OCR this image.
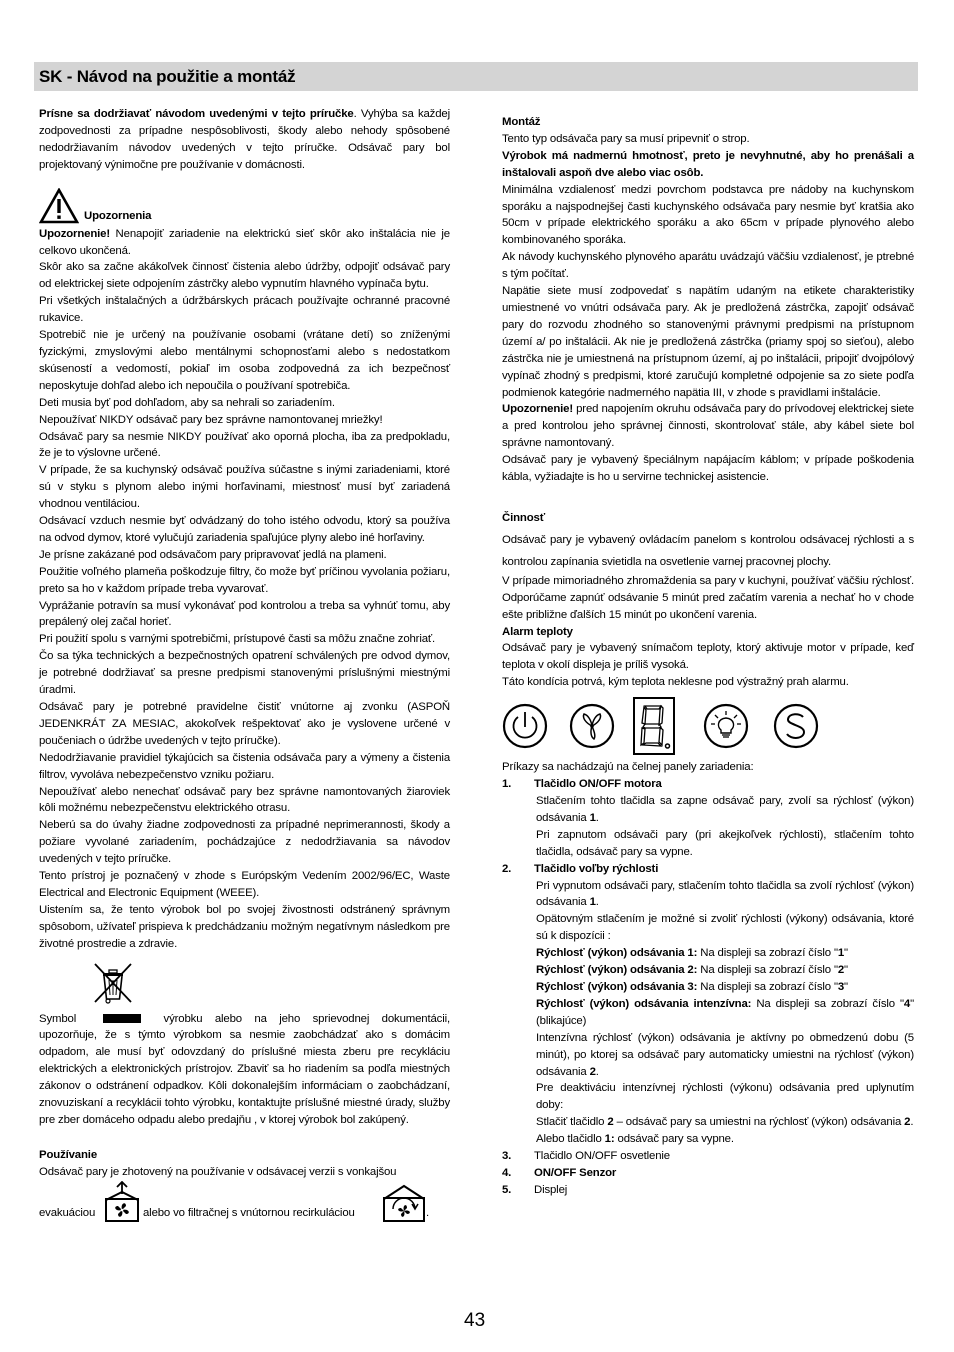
SK - Návod na použitie a montáž

Prísne sa dodržiavať návodom uvedenými v tejto príručke. Vyhýba sa každej zodpovednosti za prípadne nespôsoblivosti, škody alebo nehody spôsobené nedodržiavaním návodov uvedených v tejto príručke. Odsávač pary bol projektovaný výnimočne pre používanie v domácnosti.

Upozornenia

Upozornenie! Nenapojiť zariadenie na elektrickú sieť skôr ako inštalácia nie je celkovo ukončená.

Skôr ako sa začne akákoľvek činnosť čistenia alebo údržby, odpojiť odsávač pary od elektrickej siete odpojením zástrčky alebo vypnutím hlavného vypínača bytu.

Pri všetkých inštalačných a údržbárskych prácach používajte ochranné pracovné rukavice.

Spotrebič nie je určený na používanie osobami (vrátane detí) so zníženými fyzickými, zmyslovými alebo mentálnymi schopnosťami alebo s nedostatkom skúseností a vedomostí, pokiaľ im osoba zodpovedná za ich bezpečnosť neposkytuje dohľad alebo ich nepoučila o používaní spotrebiča.

Deti musia byť pod dohľadom, aby sa nehrali so zariadením.

Nepoužívať NIKDY odsávač pary bez správne namontovanej mriežky!

Odsávač pary sa nesmie NIKDY používať ako oporná plocha, iba za predpokladu, že je to výslovne určené.

V prípade, že sa kuchynský odsávač používa súčastne s inými zariadeniami, ktoré sú v styku s plynom alebo inými horľavinami, miestnosť musí byť zariadená vhodnou ventiláciou.

Odsávací vzduch nesmie byť odvádzaný do toho istého odvodu, ktorý sa používa na odvod dymov, ktoré vylučujú zariadenia spaľujúce plyny alebo iné horľaviny.

Je prísne zakázané pod odsávačom pary pripravovať jedlá na plameni.

Použitie voľného plameňa poškodzuje filtry, čo može byť príčinou vyvolania požiaru, preto sa ho v každom prípade treba vyvarovať.

Vyprážanie potravín sa musí vykonávať pod kontrolou a treba sa vyhnúť tomu, aby prepálený olej začal horieť.

Pri použití spolu s varnými spotrebičmi, prístupové časti sa môžu značne zohriať.

Čo sa týka technických a bezpečnostných opatrení schválených pre odvod dymov, je potrebné dodržiavať sa presne predpismi stanovenými príslušnými miestnými úradmi.

Odsávač pary je potrebné pravidelne čistiť vnútorne aj zvonku (ASPOŇ JEDENKRÁT ZA MESIAC, akokoľvek rešpektovať ako je vyslovene určené v poučeniach o údržbe uvedených v tejto príručke).

Nedodržiavanie pravidiel týkajúcich sa čistenia odsávača pary a výmeny a čistenia filtrov, vyvoláva nebezpečenstvo vzniku požiaru.

Nepoužívať alebo nenechať odsávač pary bez správne namontovaných žiaroviek kôli možnému nebezpečenstvu elektrického otrasu.

Neberú sa do úvahy žiadne zodpovednosti za prípadné neprimerannosti, škody a požiare vyvolané zariadením, pochádzajúce z nedodržiavania sa návodov uvedených v tejto príručke.

Tento prístroj je poznačený v zhode s Európským Vedením 2002/96/EC, Waste Electrical and Electronic Equipment (WEEE).

Uistením sa, že tento výrobok bol po svojej živostnosti odstránený správnym spôsobom, užívateľ prispieva k predchádzaniu možným negatívnym následkom pre životné prostredie a zdravie.

Symbol	výrobku alebo na jeho sprievodnej dokumentácii, upozorňuje, že s týmto výrobkom sa nesmie zaobchádzať ako s domácim odpadom, ale musí byť odovzdaný do príslušné miesta zberu pre recykláciu elektrických a elektronických prístrojov. Zbaviť sa ho riadením sa podľa miestných zákonov o odstránení odpadkov. Kôli dokonalejším informáciam o zaobchádzaní, znovuziskaní a recyklácii tohto výrobku, kontaktujte príslušné miestné úrady, služby pre zber domáceho odpadu alebo predajňu , v ktorej výrobok bol zakúpený.

Používanie

Odsávač pary je zhotovený na používanie v odsávacej verzii s vonkajšou

evakuáciou	alebo vo filtračnej s vnútornou recirkuláciou	.

Montáž

Tento typ odsávača pary sa musí pripevniť o strop.

Výrobok má nadmernú hmotnosť, preto je nevyhnutné, aby ho prenášali a inštalovali aspoň dve alebo viac osôb.

Minimálna vzdialenosť medzi povrchom podstavca pre nádoby na kuchynskom sporáku a najspodnejšej časti kuchynského odsávača pary nesmie byť kratšia ako 50cm v prípade elektrického sporáku a ako 65cm v prípade plynového alebo kombinovaného sporáka.

Ak návody kuchynského plynového aparátu uvádzajú väčšiu vzdialenosť, je ptrebné s tým počítať.

Napätie siete musí zodpovedať s napätím udaným na etikete charakteristiky umiestnené vo vnútri odsávača pary. Ak je predložená zástrčka, zapojiť odsávač pary do rozvodu zhodného so stanovenými právnymi predpismi na prístupnom území a/ po inštalácii. Ak nie je predložená zástrčka (priamy spoj so sieťou), alebo zástrčka nie je umiestnená na prístupnom území, aj po inštalácii, pripojiť dvojpólový vypínač zhodný s predpismi, ktoré zaručujú kompletné odpojenie sa zo siete podľa podmienok kategórie nadmerného napätia III, v zhode s pravidlami inštalácie.

Upozornenie! pred napojením okruhu odsávača pary do prívodovej elektrickej siete a pred kontrolou jeho správnej činnosti, skontrolovať stále, aby kábel siete bol správne namontovaný.

Odsávač pary je vybavený špeciálnym napájacím káblom; v prípade poškodenia kábla, vyžiadajte is ho u servirne technickej asistencie.

Činnosť

Odsávač pary je vybavený ovládacím panelom s kontrolou odsávacej rýchlosti a s kontrolou zapínania svietidla na osvetlenie varnej pracovnej plochy.

V prípade mimoriadného zhromaždenia sa pary v kuchyni, používať väčšiu rýchlosť. Odporúčame zapnúť odsávanie 5 minút pred začatím varenia a nechať ho v chode ešte približne ďalších 15 minút po ukončení varenia.

Alarm teploty

Odsávač pary je vybavený snímačom teploty, ktorý aktivuje motor v prípade, keď teplota v okolí displeja je príliš vysoká.

Táto kondícia potrvá, kým teplota neklesne pod výstražný prah alarmu.

Príkazy sa nachádzajú na čelnej panely zariadenia:

1.	Tlačidlo ON/OFF motora

Stlačením tohto tlačidla sa zapne odsávač pary, zvolí sa rýchlosť (výkon) odsávania 1.

Pri zapnutom odsávači pary (pri akejkoľvek rýchlosti), stlačením tohto tlačidla, odsávač pary sa vypne.

2.	Tlačidlo voľby rýchlosti

Pri vypnutom odsávači pary, stlačením tohto tlačidla sa zvolí rýchlosť (výkon) odsávania 1.

Opätovným stlačením je možné si zvoliť rýchlosti (výkony) odsávania, ktoré sú k dispozícii :

Rýchlosť (výkon) odsávania 1: Na displeji sa zobrazí číslo "1"

Rýchlosť (výkon) odsávania 2: Na displeji sa zobrazí číslo "2"

Rýchlosť (výkon) odsávania 3: Na displeji sa zobrazí číslo "3"

Rýchlosť (výkon) odsávania intenzívna: Na displeji sa zobrazí číslo "4" (blikajúce)

Intenzívna rýchlosť (výkon) odsávania je aktívny po obmedzenú dobu (5 minút), po ktorej sa odsávač pary automaticky umiestni na rýchlosť (výkon) odsávania 2.

Pre deaktiváciu intenzívnej rýchlosti (výkonu) odsávania pred uplynutím doby:

Stlačiť tlačidlo 2 – odsávač pary sa umiestni na rýchlosť (výkon) odsávania 2.

Alebo tlačidlo 1: odsávač pary sa vypne.

3.	Tlačidlo ON/OFF osvetlenie
4.	ON/OFF Senzor
5.	Displej
43
